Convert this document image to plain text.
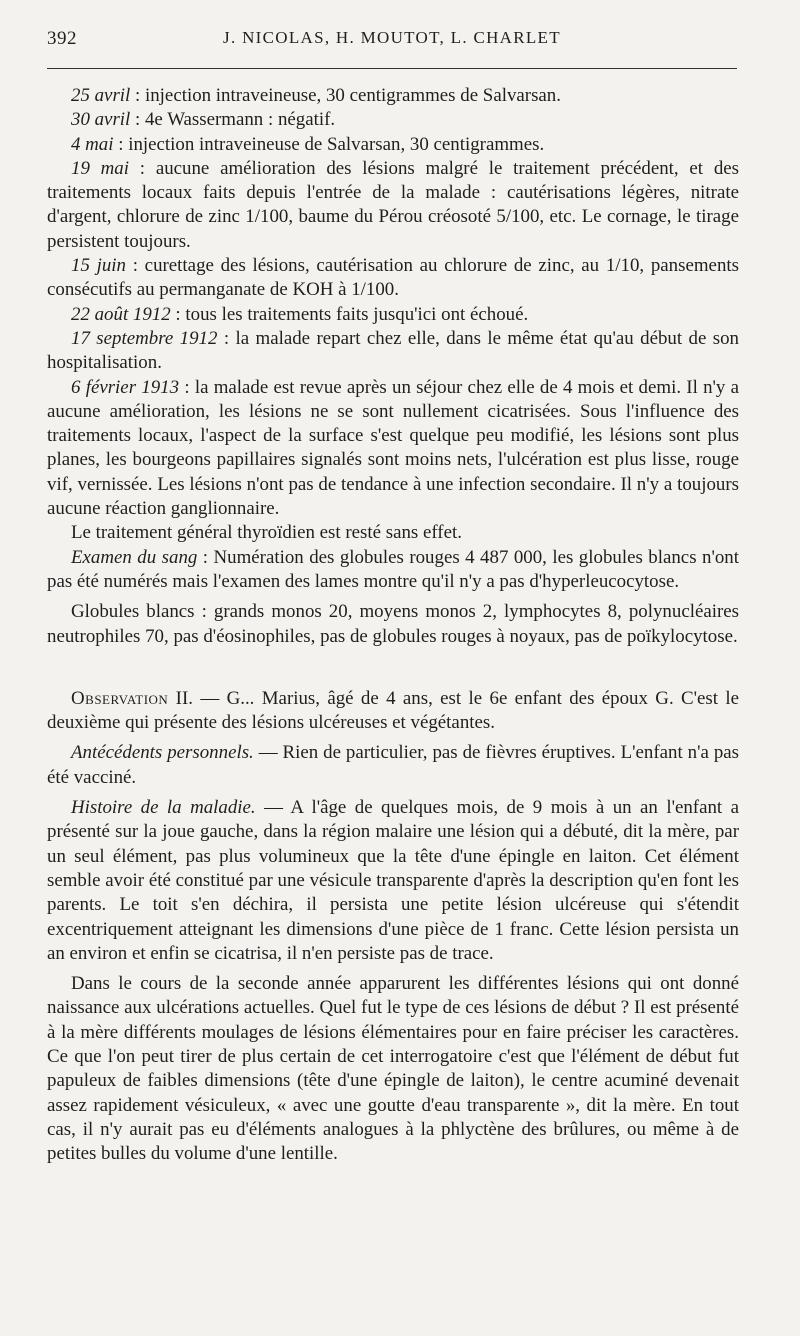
392	J. NICOLAS, H. MOUTOT, L. CHARLET

25 avril : injection intraveineuse, 30 centigrammes de Salvarsan.

30 avril : 4e Wassermann : négatif.

4 mai : injection intraveineuse de Salvarsan, 30 centigrammes.

19 mai : aucune amélioration des lésions malgré le traitement précédent, et des traitements locaux faits depuis l'entrée de la malade : cautérisations légères, nitrate d'argent, chlorure de zinc 1/100, baume du Pérou créosoté 5/100, etc. Le cornage, le tirage persistent toujours.

15 juin : curettage des lésions, cautérisation au chlorure de zinc, au 1/10, pansements consécutifs au permanganate de KOH à 1/100.

22 août 1912 : tous les traitements faits jusqu'ici ont échoué.

17 septembre 1912 : la malade repart chez elle, dans le même état qu'au début de son hospitalisation.

6 février 1913 : la malade est revue après un séjour chez elle de 4 mois et demi. Il n'y a aucune amélioration, les lésions ne se sont nullement cicatrisées. Sous l'influence des traitements locaux, l'aspect de la surface s'est quelque peu modifié, les lésions sont plus planes, les bourgeons papillaires signalés sont moins nets, l'ulcération est plus lisse, rouge vif, vernissée. Les lésions n'ont pas de tendance à une infection secondaire. Il n'y a toujours aucune réaction ganglionnaire.

Le traitement général thyroïdien est resté sans effet.

Examen du sang : Numération des globules rouges 4 487 000, les globules blancs n'ont pas été numérés mais l'examen des lames montre qu'il n'y a pas d'hyperleucocytose.

Globules blancs : grands monos 20, moyens monos 2, lymphocytes 8, polynucléaires neutrophiles 70, pas d'éosinophiles, pas de globules rouges à noyaux, pas de poïkylocytose.

Observation II. — G... Marius, âgé de 4 ans, est le 6e enfant des époux G. C'est le deuxième qui présente des lésions ulcéreuses et végétantes.

Antécédents personnels. — Rien de particulier, pas de fièvres éruptives. L'enfant n'a pas été vacciné.

Histoire de la maladie. — A l'âge de quelques mois, de 9 mois à un an l'enfant a présenté sur la joue gauche, dans la région malaire une lésion qui a débuté, dit la mère, par un seul élément, pas plus volumineux que la tête d'une épingle en laiton. Cet élément semble avoir été constitué par une vésicule transparente d'après la description qu'en font les parents. Le toit s'en déchira, il persista une petite lésion ulcéreuse qui s'étendit excentriquement atteignant les dimensions d'une pièce de 1 franc. Cette lésion persista un an environ et enfin se cicatrisa, il n'en persiste pas de trace.

Dans le cours de la seconde année apparurent les différentes lésions qui ont donné naissance aux ulcérations actuelles. Quel fut le type de ces lésions de début ? Il est présenté à la mère différents moulages de lésions élémentaires pour en faire préciser les caractères. Ce que l'on peut tirer de plus certain de cet interrogatoire c'est que l'élément de début fut papuleux de faibles dimensions (tête d'une épingle de laiton), le centre acuminé devenait assez rapidement vésiculeux, « avec une goutte d'eau transparente », dit la mère. En tout cas, il n'y aurait pas eu d'éléments analogues à la phlyctène des brûlures, ou même à de petites bulles du volume d'une lentille.
